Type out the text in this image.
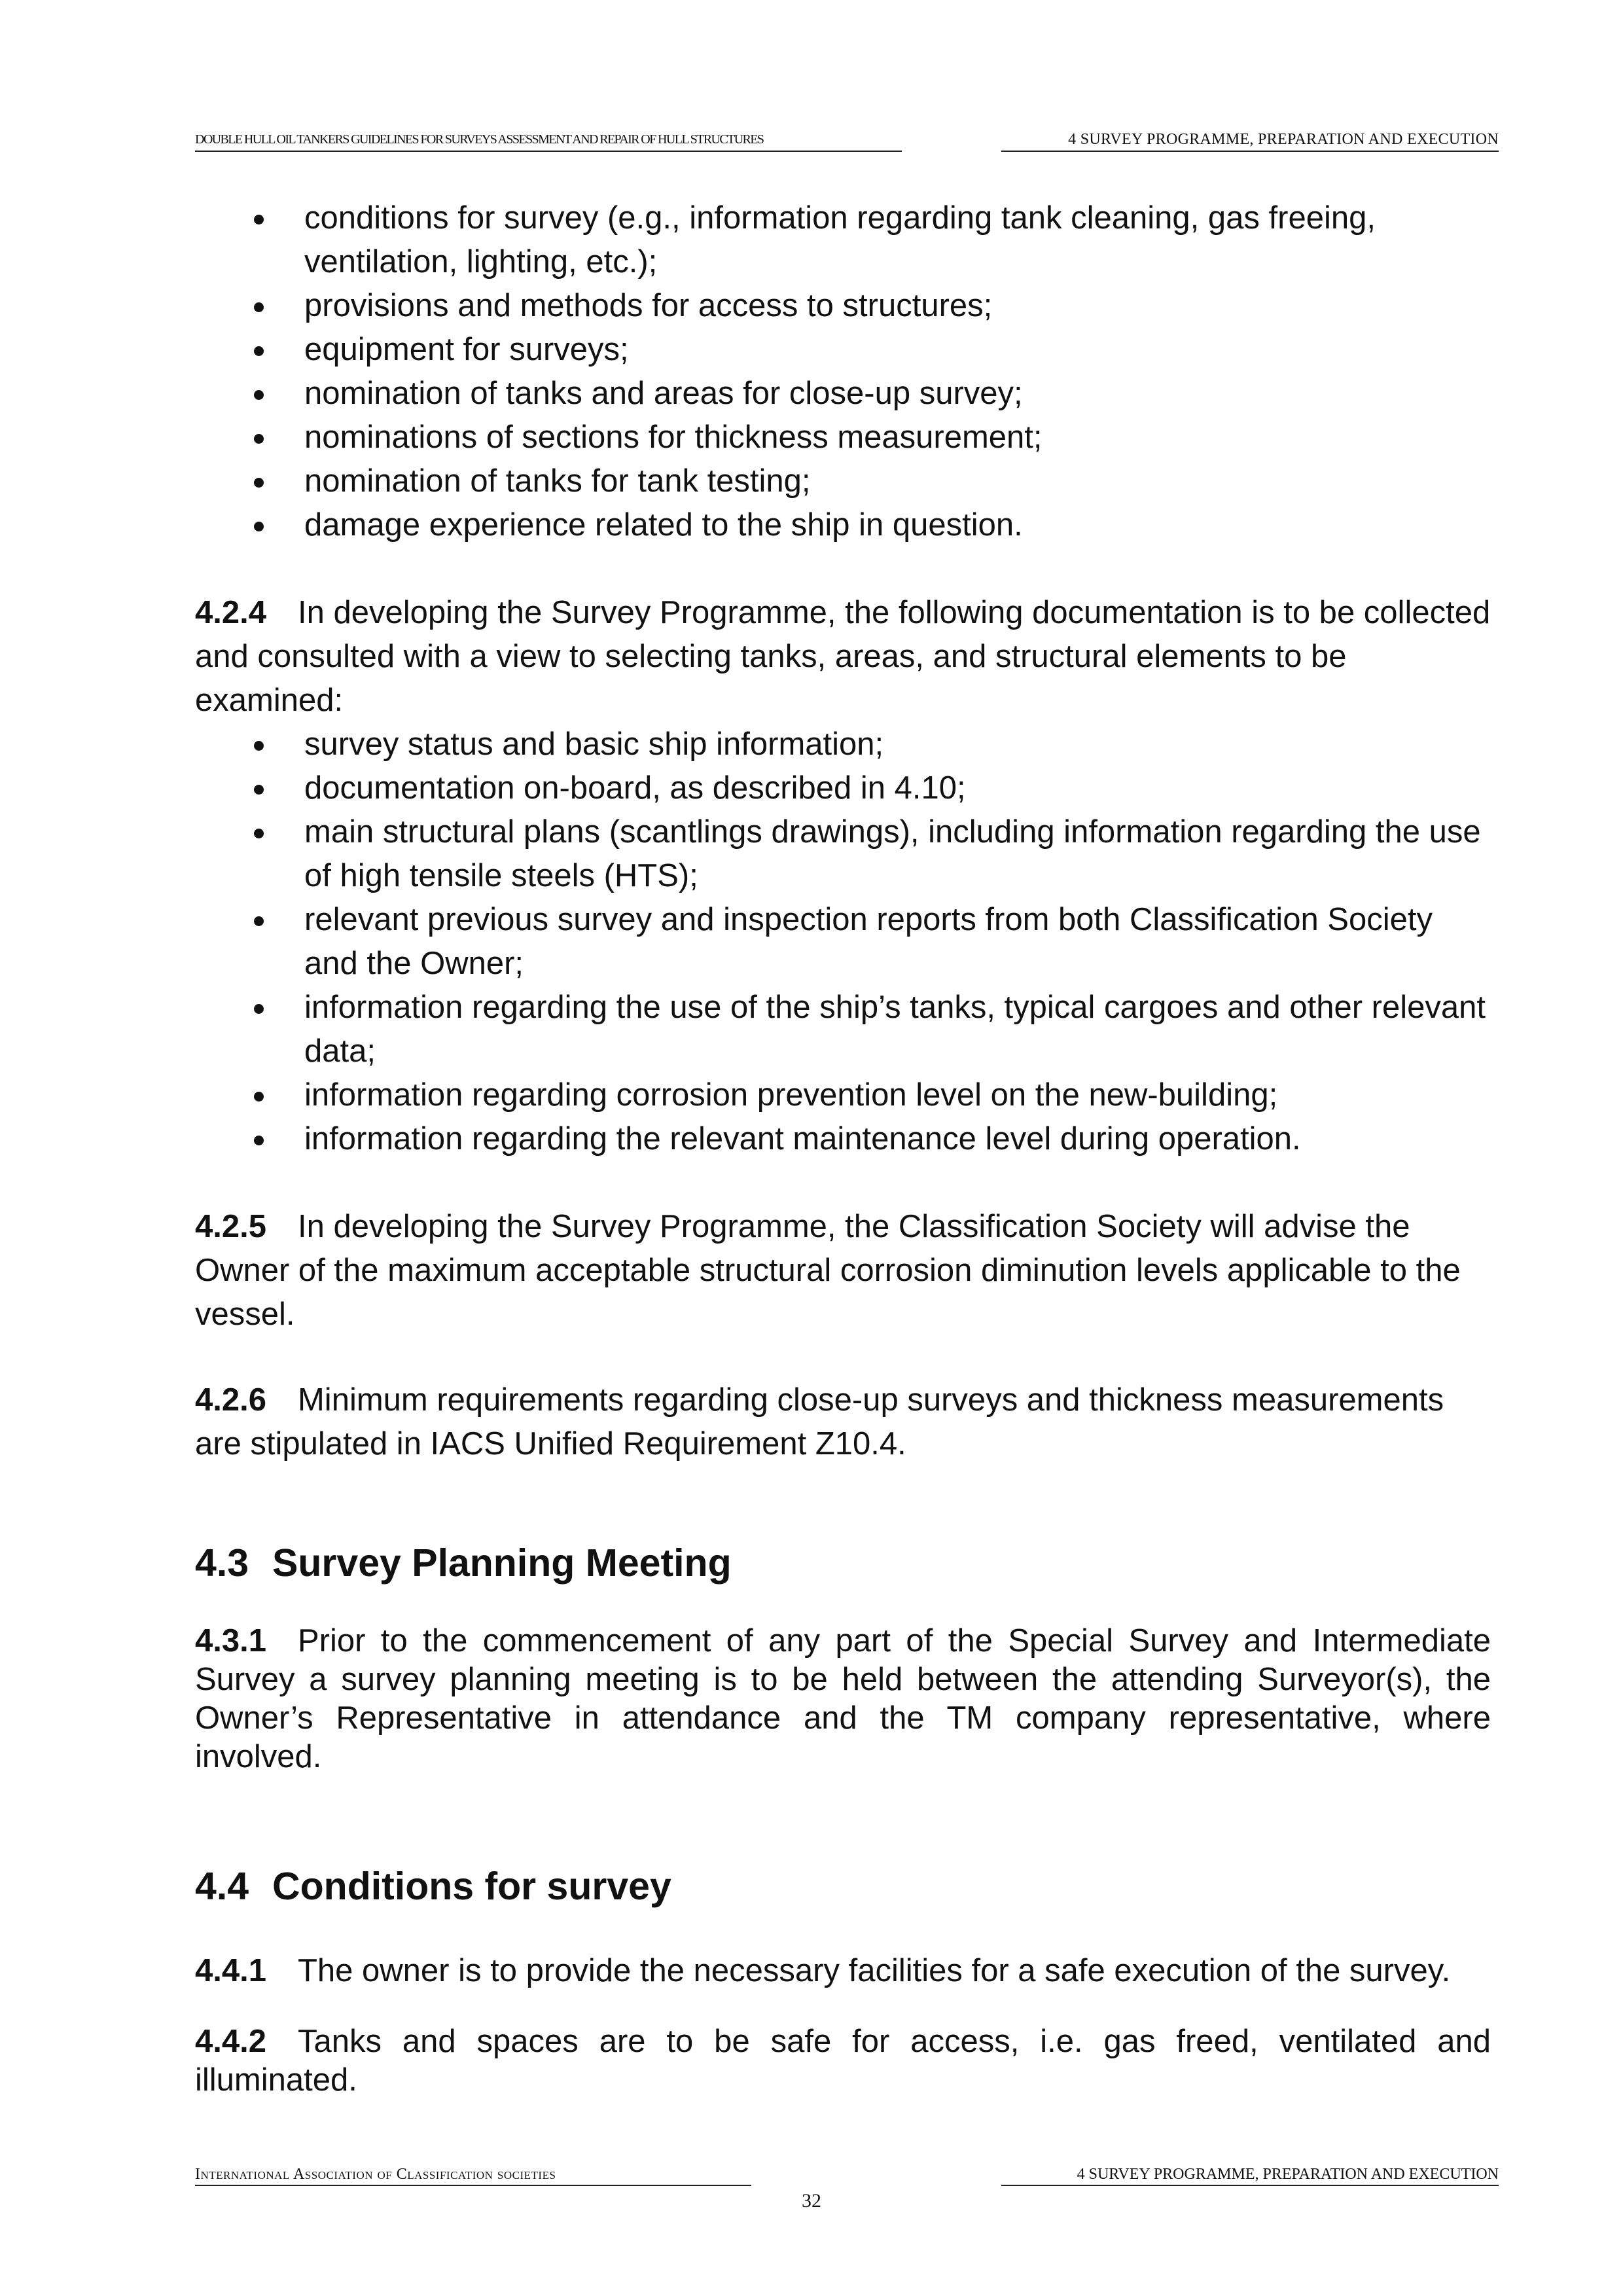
DOUBLE HULL OIL TANKERS GUIDELINES FOR SURVEYS ASSESSMENT AND REPAIR OF HULL STRUCTURES	4 SURVEY PROGRAMME, PREPARATION AND EXECUTION
conditions for survey (e.g., information regarding tank cleaning, gas freeing, ventilation, lighting, etc.);
provisions and methods for access to structures;
equipment for surveys;
nomination of tanks and areas for close-up survey;
nominations of sections for thickness measurement;
nomination of tanks for tank testing;
damage experience related to the ship in question.

4.2.4 In developing the Survey Programme, the following documentation is to be collected and consulted with a view to selecting tanks, areas, and structural elements to be examined:

survey status and basic ship information;
documentation on-board, as described in 4.10;
main structural plans (scantlings drawings), including information regarding the use of high tensile steels (HTS);
relevant previous survey and inspection reports from both Classification Society and the Owner;
information regarding the use of the ship’s tanks, typical cargoes and other relevant data;
information regarding corrosion prevention level on the new-building;
information regarding the relevant maintenance level during operation.

4.2.5 In developing the Survey Programme, the Classification Society will advise the Owner of the maximum acceptable structural corrosion diminution levels applicable to the vessel.

4.2.6 Minimum requirements regarding close-up surveys and thickness measurements are stipulated in IACS Unified Requirement Z10.4.

4.3 Survey Planning Meeting

4.3.1 Prior to the commencement of any part of the Special Survey and Intermediate Survey a survey planning meeting is to be held between the attending Surveyor(s), the Owner’s Representative in attendance and the TM company representative, where involved.

4.4 Conditions for survey

4.4.1 The owner is to provide the necessary facilities for a safe execution of the survey.

4.4.2 Tanks and spaces are to be safe for access, i.e. gas freed, ventilated and illuminated.

International Association of Classification societies	4 SURVEY PROGRAMME, PREPARATION AND EXECUTION
32
